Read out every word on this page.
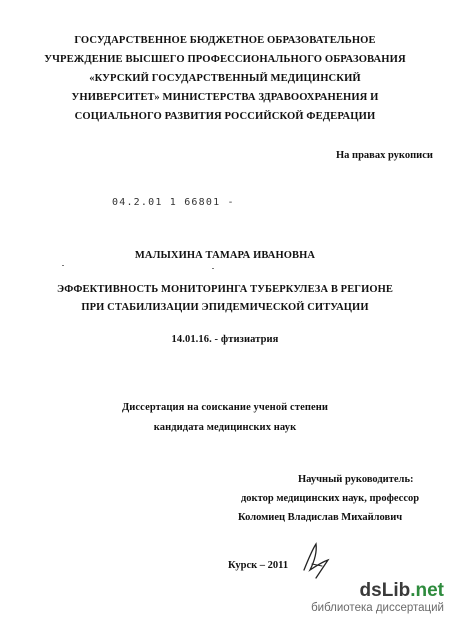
ГОСУДАРСТВЕННОЕ БЮДЖЕТНОЕ ОБРАЗОВАТЕЛЬНОЕ
УЧРЕЖДЕНИЕ ВЫСШЕГО ПРОФЕССИОНАЛЬНОГО ОБРАЗОВАНИЯ
«КУРСКИЙ ГОСУДАРСТВЕННЫЙ МЕДИЦИНСКИЙ
УНИВЕРСИТЕТ» МИНИСТЕРСТВА ЗДРАВООХРАНЕНИЯ И
СОЦИАЛЬНОГО РАЗВИТИЯ РОССИЙСКОЙ ФЕДЕРАЦИИ
На правах рукописи
04.2.01 1 66801 -
МАЛЫХИНА ТАМАРА ИВАНОВНА
ЭФФЕКТИВНОСТЬ МОНИТОРИНГА ТУБЕРКУЛЕЗА В РЕГИОНЕ
ПРИ СТАБИЛИЗАЦИИ ЭПИДЕМИЧЕСКОЙ СИТУАЦИИ
14.01.16. - фтизиатрия
Диссертация на соискание ученой степени
кандидата медицинских наук
Научный руководитель:
доктор медицинских наук, профессор
Коломиец Владислав Михайлович
Курск – 2011
dsLib.net
библиотека диссертаций
